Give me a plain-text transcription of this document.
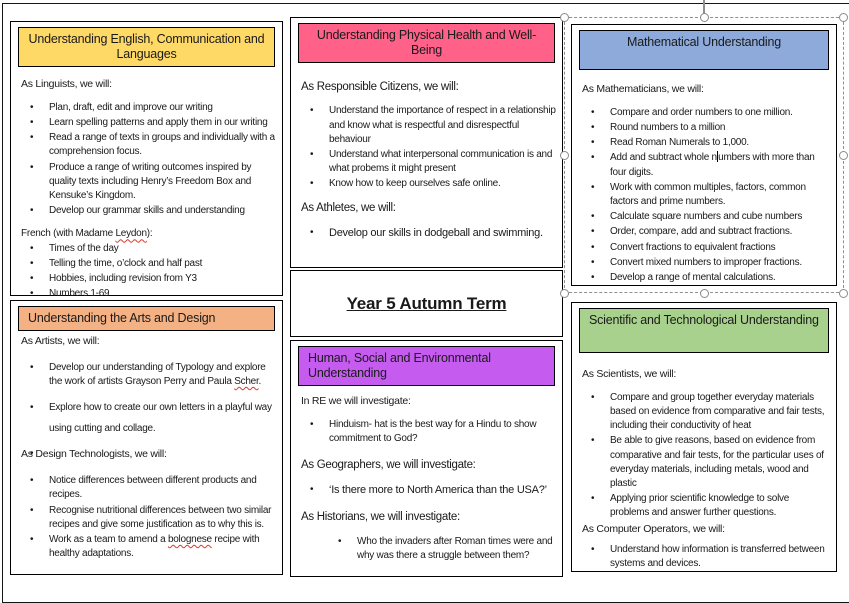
Understanding English, Communication and Languages
As Linguists, we will:
• Plan, draft, edit and improve our writing
• Learn spelling patterns and apply them in our writing
• Read a range of texts in groups and individually with a comprehension focus.
• Produce a range of writing outcomes inspired by quality texts including Henry’s Freedom Box and Kensuke’s Kingdom.
• Develop our grammar skills and understanding
French (with Madame Leydon):
• Times of the day
• Telling the time, o’clock and half past
• Hobbies, including revision from Y3
• Numbers 1-69
Understanding the Arts and Design
As Artists, we will:
• Develop our understanding of Typology and explore the work of artists Grayson Perry and Paula Scher.
• Explore how to create our own letters in a playful way using cutting and collage.
As Design Technologists, we will:
• Notice differences between different products and recipes.
• Recognise nutritional differences between two similar recipes and give some justification as to why this is.
• Work as a team to amend a bolognese recipe with healthy adaptations.
Understanding Physical Health and Well-Being
As Responsible Citizens, we will:
• Understand the importance of respect in a relationship and know what is respectful and disrespectful behaviour
• Understand what interpersonal communication is and what probems it might present
• Know how to keep ourselves safe online.
As Athletes, we will:
• Develop our skills in dodgeball and swimming.
Year 5 Autumn Term
Human, Social and Environmental Understanding
In RE we will investigate:
• Hinduism- hat is the best way for a Hindu to show commitment to God?
As Geographers, we will investigate:
• ‘Is there more to North America than the USA?’
As Historians, we will investigate:
• Who the invaders after Roman times were and why was there a struggle between them?
Mathematical Understanding
As Mathematicians, we will:
• Compare and order numbers to one million.
• Round numbers to a million
• Read Roman Numerals to 1,000.
• Add and subtract whole numbers with more than four digits.
• Work with common multiples, factors, common factors and prime numbers.
• Calculate square numbers and cube numbers
• Order, compare, add and subtract fractions.
• Convert fractions to equivalent fractions
• Convert mixed numbers to improper fractions.
• Develop a range of mental calculations.
Scientific and Technological Understanding
As Scientists, we will:
• Compare and group together everyday materials based on evidence from comparative and fair tests, including their conductivity of heat
• Be able to give reasons, based on evidence from comparative and fair tests, for the particular uses of everyday materials, including metals, wood and plastic
• Applying prior scientific knowledge to solve problems and answer further questions.
As Computer Operators, we will:
• Understand how information is transferred between systems and devices.
